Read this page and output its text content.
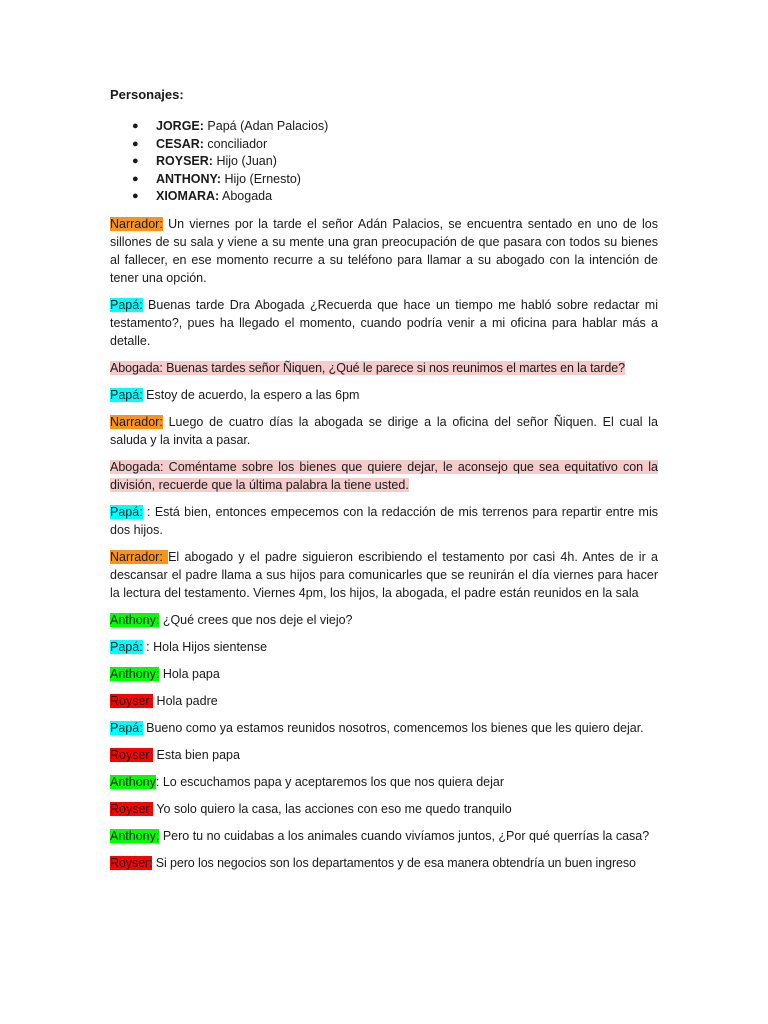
Personajes:
● JORGE: Papá (Adan Palacios)
● CESAR: conciliador
● ROYSER: Hijo (Juan)
● ANTHONY: Hijo (Ernesto)
● XIOMARA: Abogada

Narrador: Un viernes por la tarde el señor Adán Palacios, se encuentra sentado en uno de los sillones de su sala y viene a su mente una gran preocupación de que pasara con todos su bienes al fallecer, en ese momento recurre a su teléfono para llamar a su abogado con la intención de tener una opción.

Papá: Buenas tarde Dra Abogada ¿Recuerda que hace un tiempo me habló sobre redactar mi testamento?, pues ha llegado el momento, cuando podría venir a mi oficina para hablar más a detalle.

Abogada: Buenas tardes señor Ñiquen, ¿Qué le parece si nos reunimos el martes en la tarde?

Papá: Estoy de acuerdo, la espero a las 6pm

Narrador: Luego de cuatro días la abogada se dirige a la oficina del señor Ñiquen. El cual la saluda y la invita a pasar.

Abogada: Coméntame sobre los bienes que quiere dejar, le aconsejo que sea equitativo con la división, recuerde que la última palabra la tiene usted.

Papá: : Está bien, entonces empecemos con la redacción de mis terrenos para repartir entre mis dos hijos.

Narrador: El abogado y el padre siguieron escribiendo el testamento por casi 4h. Antes de ir a descansar el padre llama a sus hijos para comunicarles que se reunirán el día viernes para hacer la lectura del testamento. Viernes 4pm, los hijos, la abogada, el padre están reunidos en la sala

Anthony: ¿Qué crees que nos deje el viejo?

Papá: : Hola Hijos sientense

Anthony: Hola papa

Royser: Hola padre

Papá: Bueno como ya estamos reunidos nosotros, comencemos los bienes que les quiero dejar.

Royser: Esta bien papa

Anthony: Lo escuchamos papa y aceptaremos los que nos quiera dejar

Royser: Yo solo quiero la casa, las acciones con eso me quedo tranquilo

Anthony; Pero tu no cuidabas a los animales cuando vivíamos juntos, ¿Por qué querrías la casa?

Royser: Si pero los negocios son los departamentos y de esa manera obtendría un buen ingreso
